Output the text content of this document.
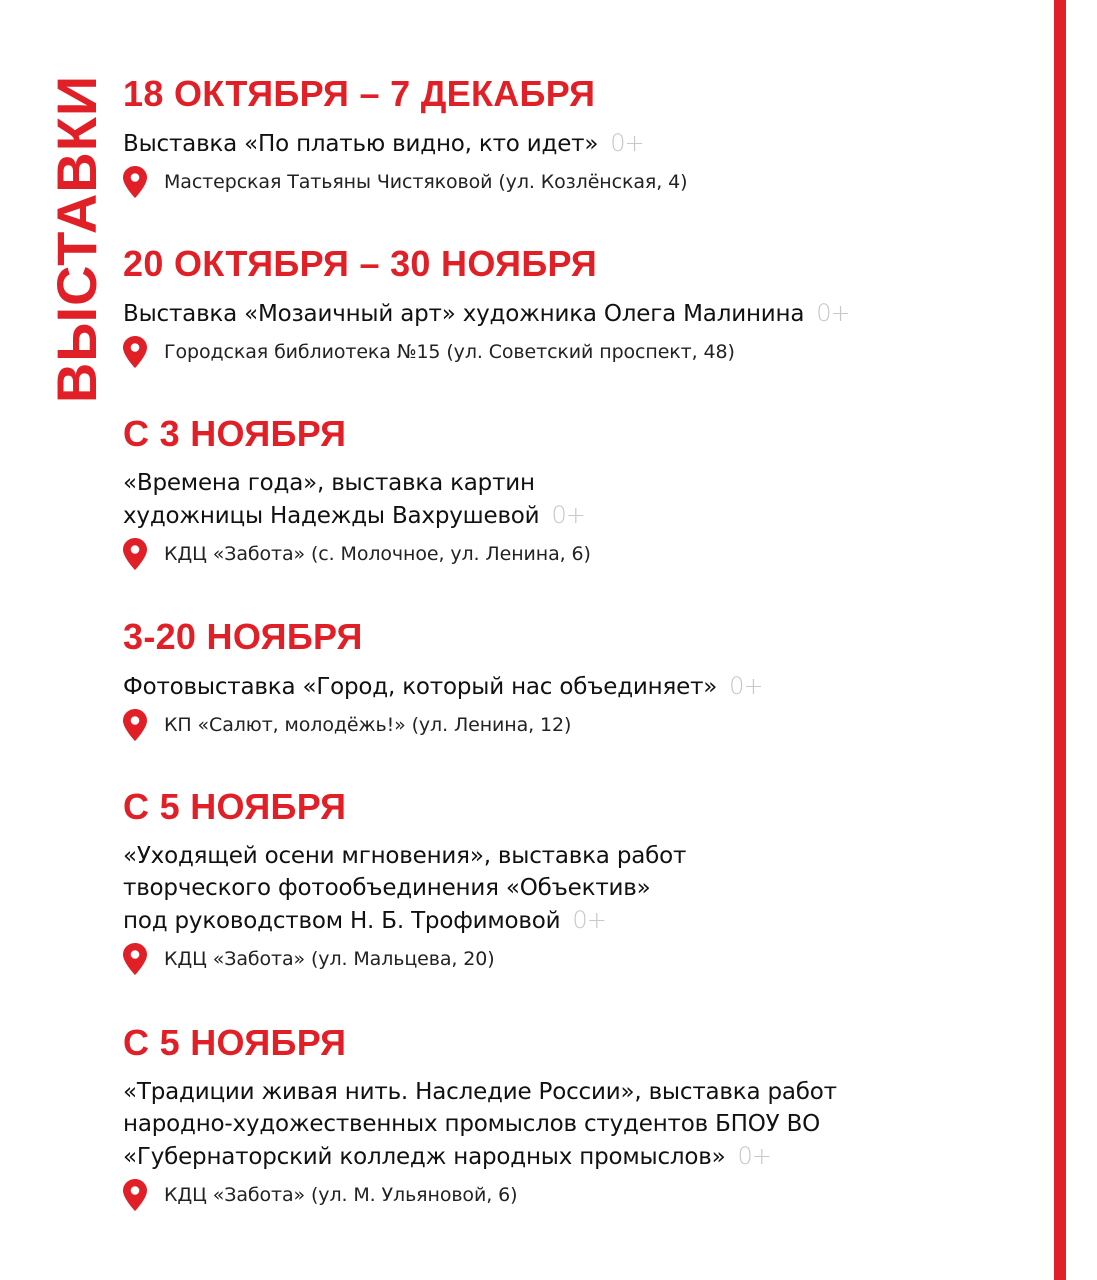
ВЫСТАВКИ 18 ОКТЯБРЯ – 7 ДЕКАБРЯ
Выставка «По платью видно, кто идет» 0+
Мастерская Татьяны Чистяковой (ул. Козлёнская, 4)
20 ОКТЯБРЯ – 30 НОЯБРЯ
Выставка «Мозаичный арт» художника Олега Малинина 0+
Городская библиотека №15 (ул. Советский проспект, 48)
С 3 НОЯБРЯ
«Времена года», выставка картин
художницы Надежды Вахрушевой 0+
КДЦ «Забота» (с. Молочное, ул. Ленина, 6)
3-20 НОЯБРЯ
Фотовыставка «Город, который нас объединяет» 0+
КП «Салют, молодёжь!» (ул. Ленина, 12)
С 5 НОЯБРЯ
«Уходящей осени мгновения», выставка работ
творческого фотообъединения «Объектив»
под руководством Н. Б. Трофимовой 0+
КДЦ «Забота» (ул. Мальцева, 20)
С 5 НОЯБРЯ
«Традиции живая нить. Наследие России», выставка работ
народно-художественных промыслов студентов БПОУ ВО
«Губернаторский колледж народных промыслов» 0+
КДЦ «Забота» (ул. М. Ульяновой, 6)
